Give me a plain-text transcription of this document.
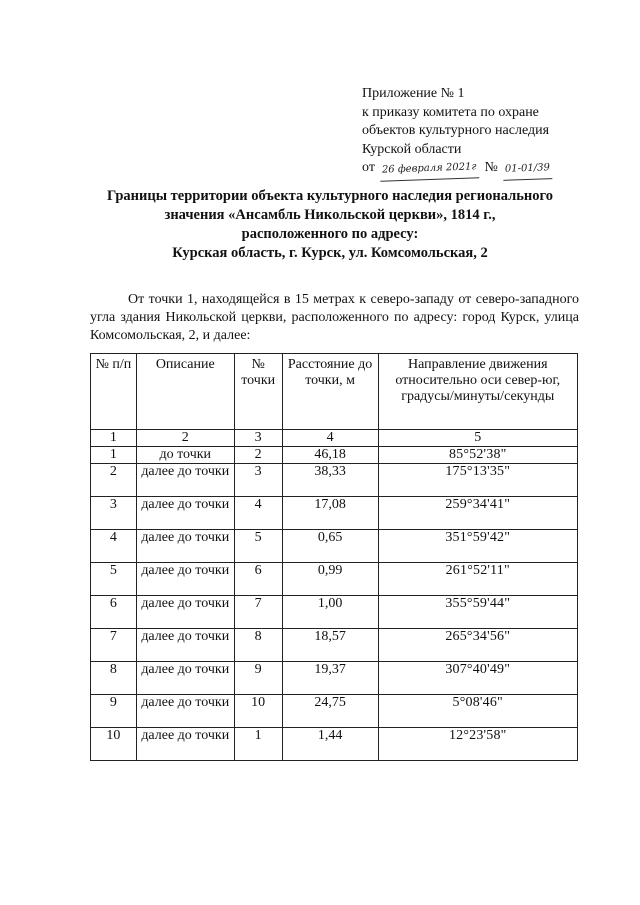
Приложение № 1
к приказу комитета по охране
объектов культурного наследия
Курской области
от 26 февраля 2021г № 01-01/39
Границы территории объекта культурного наследия регионального
значения «Ансамбль Никольской церкви», 1814 г.,
расположенного по адресу:
Курская область, г. Курск, ул. Комсомольская, 2

От точки 1, находящейся в 15 метрах к северо-западу от северо-западного угла здания Никольской церкви, расположенного по адресу: город Курск, улица Комсомольская, 2, и далее:

№ п/п	Описание	№ точки	Расстояние до точки, м	Направление движения относительно оси север-юг, градусы/минуты/секунды
1	2	3	4	5
1	до точки	2	46,18	85°52'38"
2	далее до точки	3	38,33	175°13'35"
3	далее до точки	4	17,08	259°34'41"
4	далее до точки	5	0,65	351°59'42"
5	далее до точки	6	0,99	261°52'11"
6	далее до точки	7	1,00	355°59'44"
7	далее до точки	8	18,57	265°34'56"
8	далее до точки	9	19,37	307°40'49"
9	далее до точки	10	24,75	5°08'46"
10	далее до точки	1	1,44	12°23'58"
